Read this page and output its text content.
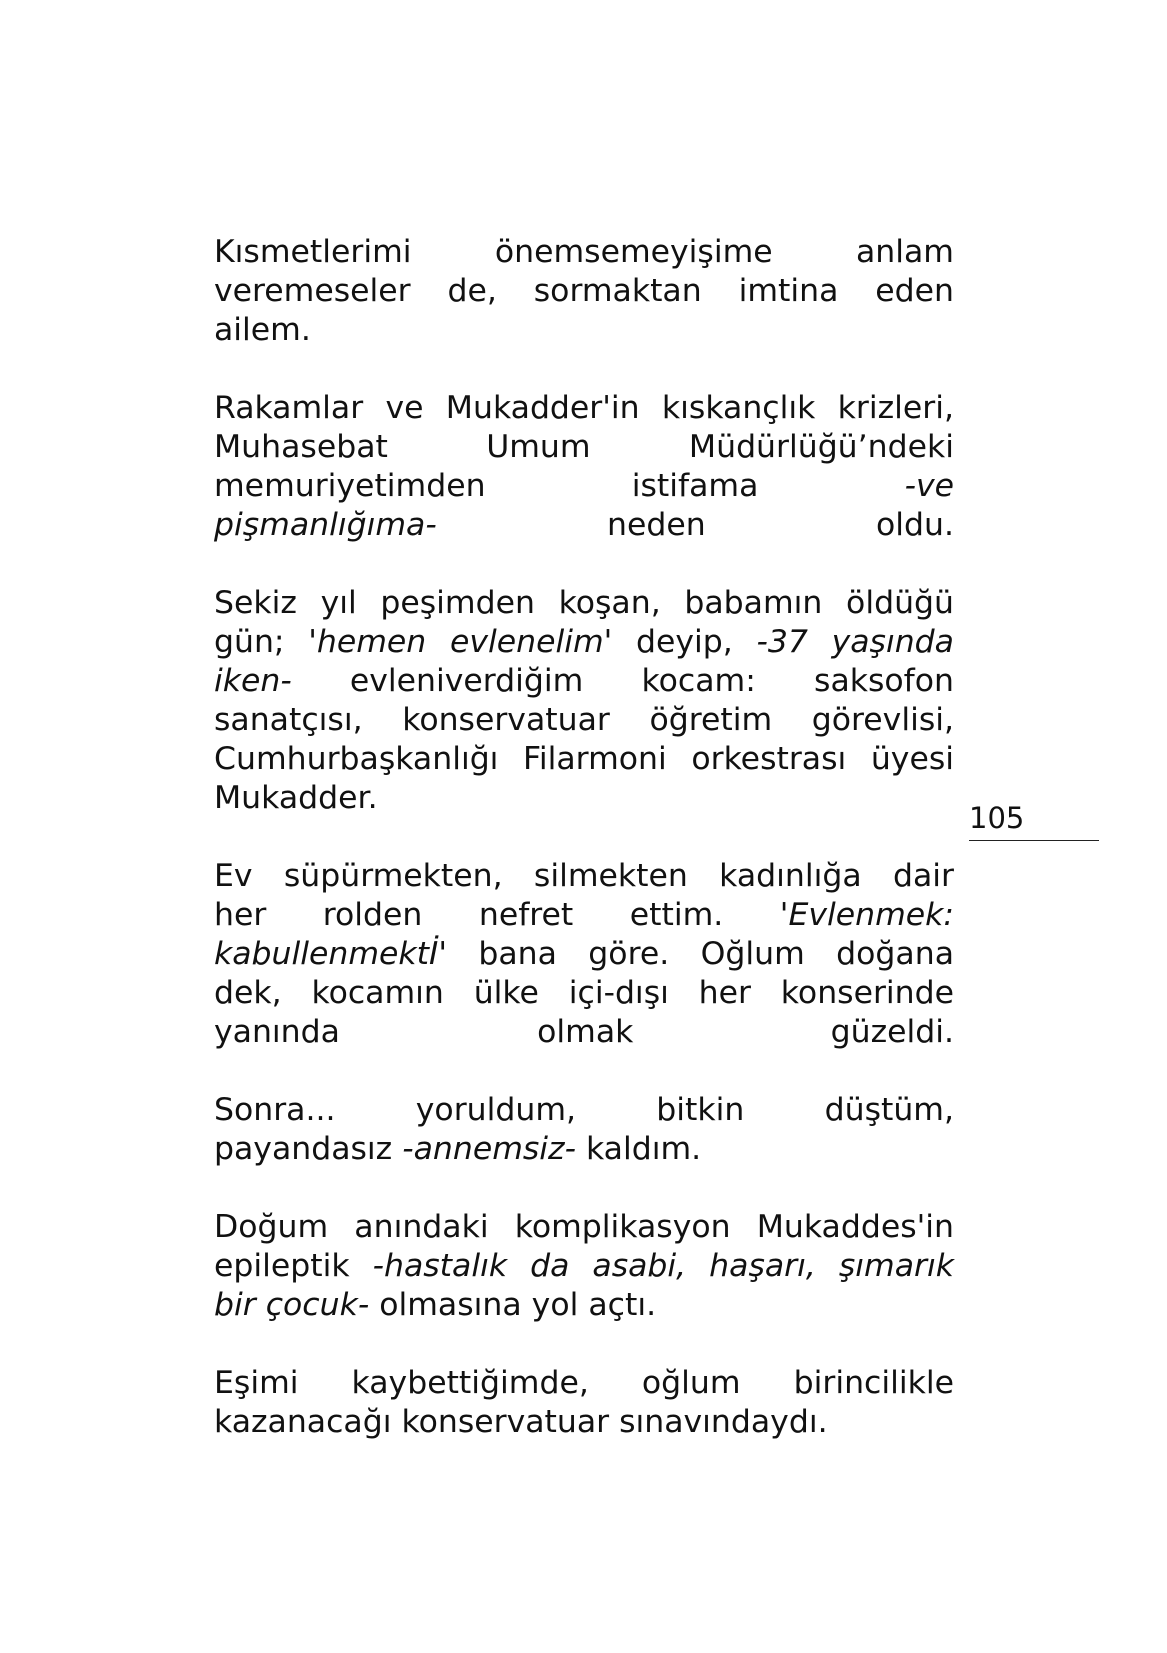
Kısmetlerimi önemsemeyişime anlam
veremeseler de, sormaktan imtina eden
ailem.
Rakamlar ve Mukadder'in kıskançlık krizleri,
Muhasebat Umum Müdürlüğü’ndeki
memuriyetimden istifama -ve
pişmanlığıma- neden oldu.
Sekiz yıl peşimden koşan, babamın öldüğü
gün; 'hemen evlenelim' deyip, -37 yaşında
iken- evleniverdiğim kocam: saksofon
sanatçısı, konservatuar öğretim görevlisi,
Cumhurbaşkanlığı Filarmoni orkestrası üyesi
Mukadder.
Ev süpürmekten, silmekten kadınlığa dair
her rolden nefret ettim. 'Evlenmek:
kabullenmektİ' bana göre. Oğlum doğana
dek, kocamın ülke içi-dışı her konserinde
yanında olmak güzeldi.
Sonra... yoruldum, bitkin düştüm,
payandasız -annemsiz- kaldım.
Doğum anındaki komplikasyon Mukaddes'in
epileptik -hastalık da asabi, haşarı, şımarık
bir çocuk- olmasına yol açtı.
Eşimi kaybettiğimde, oğlum birincilikle
kazanacağı konservatuar sınavındaydı.
105
